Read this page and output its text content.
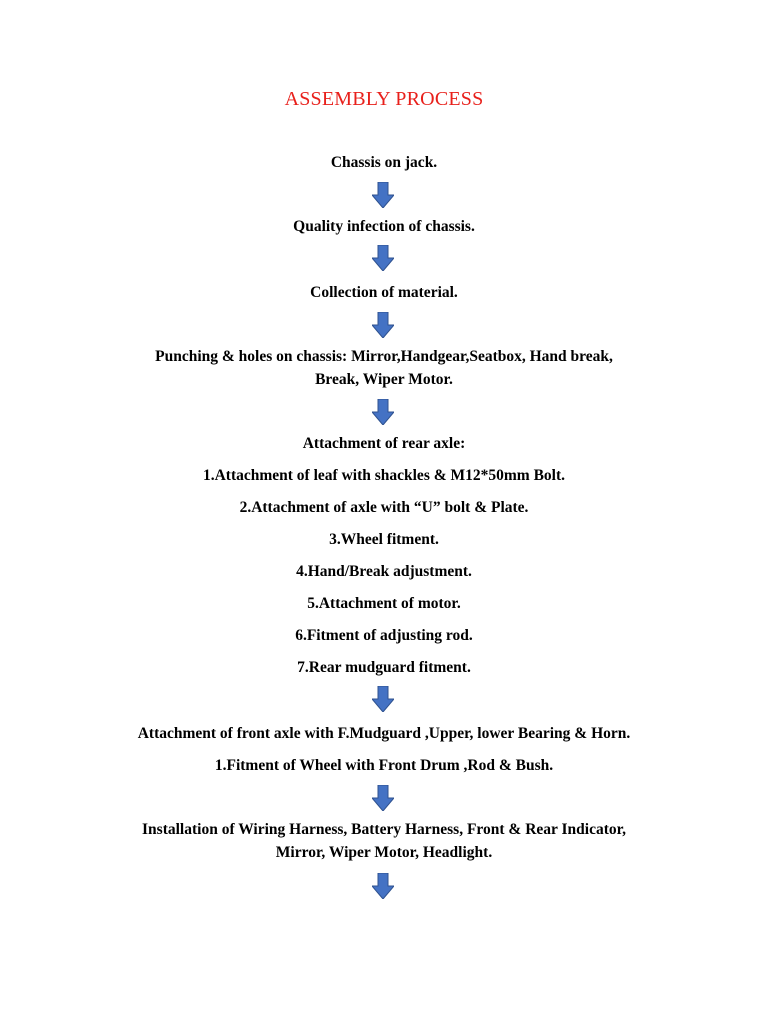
ASSEMBLY PROCESS
Chassis on jack.
Quality infection of chassis.
Collection of material.
Punching & holes on chassis: Mirror,Handgear,Seatbox, Hand break,
Break, Wiper Motor.
Attachment of rear axle:
1.Attachment of leaf with shackles & M12*50mm Bolt.
2.Attachment of axle with “U” bolt & Plate.
3.Wheel fitment.
4.Hand/Break adjustment.
5.Attachment of motor.
6.Fitment of adjusting rod.
7.Rear mudguard fitment.
Attachment of front axle with F.Mudguard ,Upper, lower Bearing & Horn.
1.Fitment of Wheel with Front Drum ,Rod & Bush.
Installation of Wiring Harness, Battery Harness, Front & Rear Indicator,
Mirror, Wiper Motor, Headlight.
